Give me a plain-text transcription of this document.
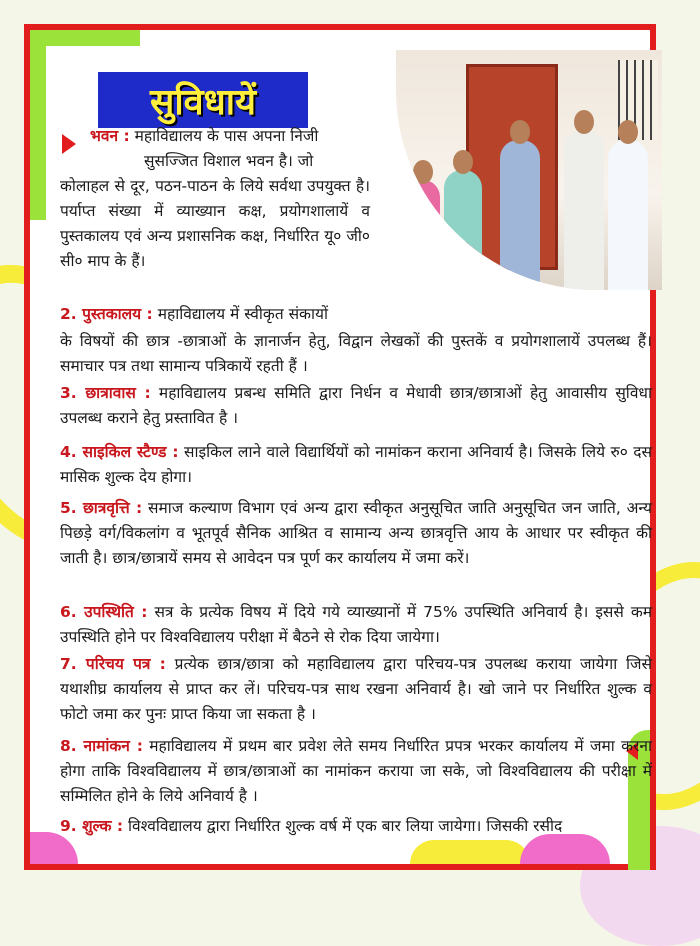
सुविधायें
भवन : महाविद्यालय के पास अपना निजी
सुसज्जित विशाल भवन है। जो
कोलाहल से दूर, पठन-पाठन के लिये सर्वथा उपयुक्त है। पर्याप्त संख्या में व्याख्यान कक्ष, प्रयोगशालायें व पुस्तकालय एवं अन्य प्रशासनिक कक्ष, निर्धारित यू० जी० सी० माप के हैं।
2. पुस्तकालय : महाविद्यालय में स्वीकृत संकायों
के विषयों की छात्र -छात्राओं के ज्ञानार्जन हेतु, विद्वान लेखकों की पुस्तकें व प्रयोगशालायें उपलब्ध हैं। समाचार पत्र तथा सामान्य पत्रिकायें रहती हैं ।
3. छात्रावास : महाविद्यालय प्रबन्ध समिति द्वारा निर्धन व मेधावी छात्र/छात्राओं हेतु आवासीय सुविधा उपलब्ध कराने हेतु प्रस्तावित है ।
4. साइकिल स्टैण्ड : साइकिल लाने वाले विद्यार्थियों को नामांकन कराना अनिवार्य है। जिसके लिये रु० दस मासिक शुल्क देय होगा।
5. छात्रवृत्ति : समाज कल्याण विभाग एवं अन्य द्वारा स्वीकृत अनुसूचित जाति अनुसूचित जन जाति, अन्य पिछड़े वर्ग/विकलांग व भूतपूर्व सैनिक आश्रित व सामान्य अन्य छात्रवृत्ति आय के आधार पर स्वीकृत की जाती है। छात्र/छात्रायें समय से आवेदन पत्र पूर्ण कर कार्यालय में जमा करें।
6. उपस्थिति : सत्र के प्रत्येक विषय में दिये गये व्याख्यानों में 75% उपस्थिति अनिवार्य है। इससे कम उपस्थिति होने पर विश्वविद्यालय परीक्षा में बैठने से रोक दिया जायेगा।
7. परिचय पत्र : प्रत्येक छात्र/छात्रा को महाविद्यालय द्वारा परिचय-पत्र उपलब्ध कराया जायेगा जिसे यथाशीघ्र कार्यालय से प्राप्त कर लें। परिचय-पत्र साथ रखना अनिवार्य है। खो जाने पर निर्धारित शुल्क व फोटो जमा कर पुनः प्राप्त किया जा सकता है ।
8. नामांकन : महाविद्यालय में प्रथम बार प्रवेश लेते समय निर्धारित प्रपत्र भरकर कार्यालय में जमा करना होगा ताकि विश्वविद्यालय में छात्र/छात्राओं का नामांकन कराया जा सके, जो विश्वविद्यालय की परीक्षा में सम्मिलित होने के लिये अनिवार्य है ।
9. शुल्क : विश्वविद्यालय द्वारा निर्धारित शुल्क वर्ष में एक बार लिया जायेगा। जिसकी रसीद
